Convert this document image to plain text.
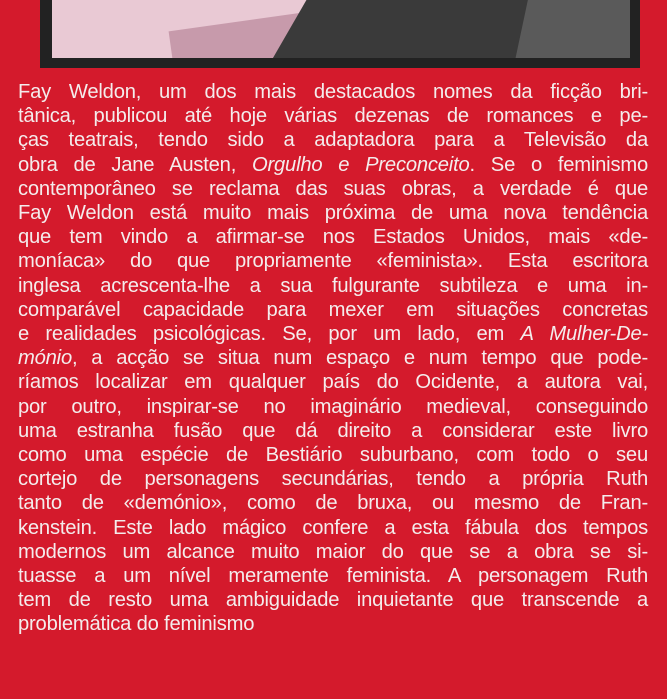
Fay Weldon, um dos mais destacados nomes da ficção bri-
tânica, publicou até hoje várias dezenas de romances e pe-
ças teatrais, tendo sido a adaptadora para a Televisão da
obra de Jane Austen, Orgulho e Preconceito. Se o feminismo
contemporâneo se reclama das suas obras, a verdade é que
Fay Weldon está muito mais próxima de uma nova tendência
que tem vindo a afirmar-se nos Estados Unidos, mais «de-
moníaca» do que propriamente «feminista». Esta escritora
inglesa acrescenta-lhe a sua fulgurante subtileza e uma in-
comparável capacidade para mexer em situações concretas
e realidades psicológicas. Se, por um lado, em A Mulher-De-
mónio, a acção se situa num espaço e num tempo que pode-
ríamos localizar em qualquer país do Ocidente, a autora vai,
por outro, inspirar-se no imaginário medieval, conseguindo
uma estranha fusão que dá direito a considerar este livro
como uma espécie de Bestiário suburbano, com todo o seu
cortejo de personagens secundárias, tendo a própria Ruth
tanto de «demónio», como de bruxa, ou mesmo de Fran-
kenstein. Este lado mágico confere a esta fábula dos tempos
modernos um alcance muito maior do que se a obra se si-
tuasse a um nível meramente feminista. A personagem Ruth
tem de resto uma ambiguidade inquietante que transcende a
problemática do feminismo
